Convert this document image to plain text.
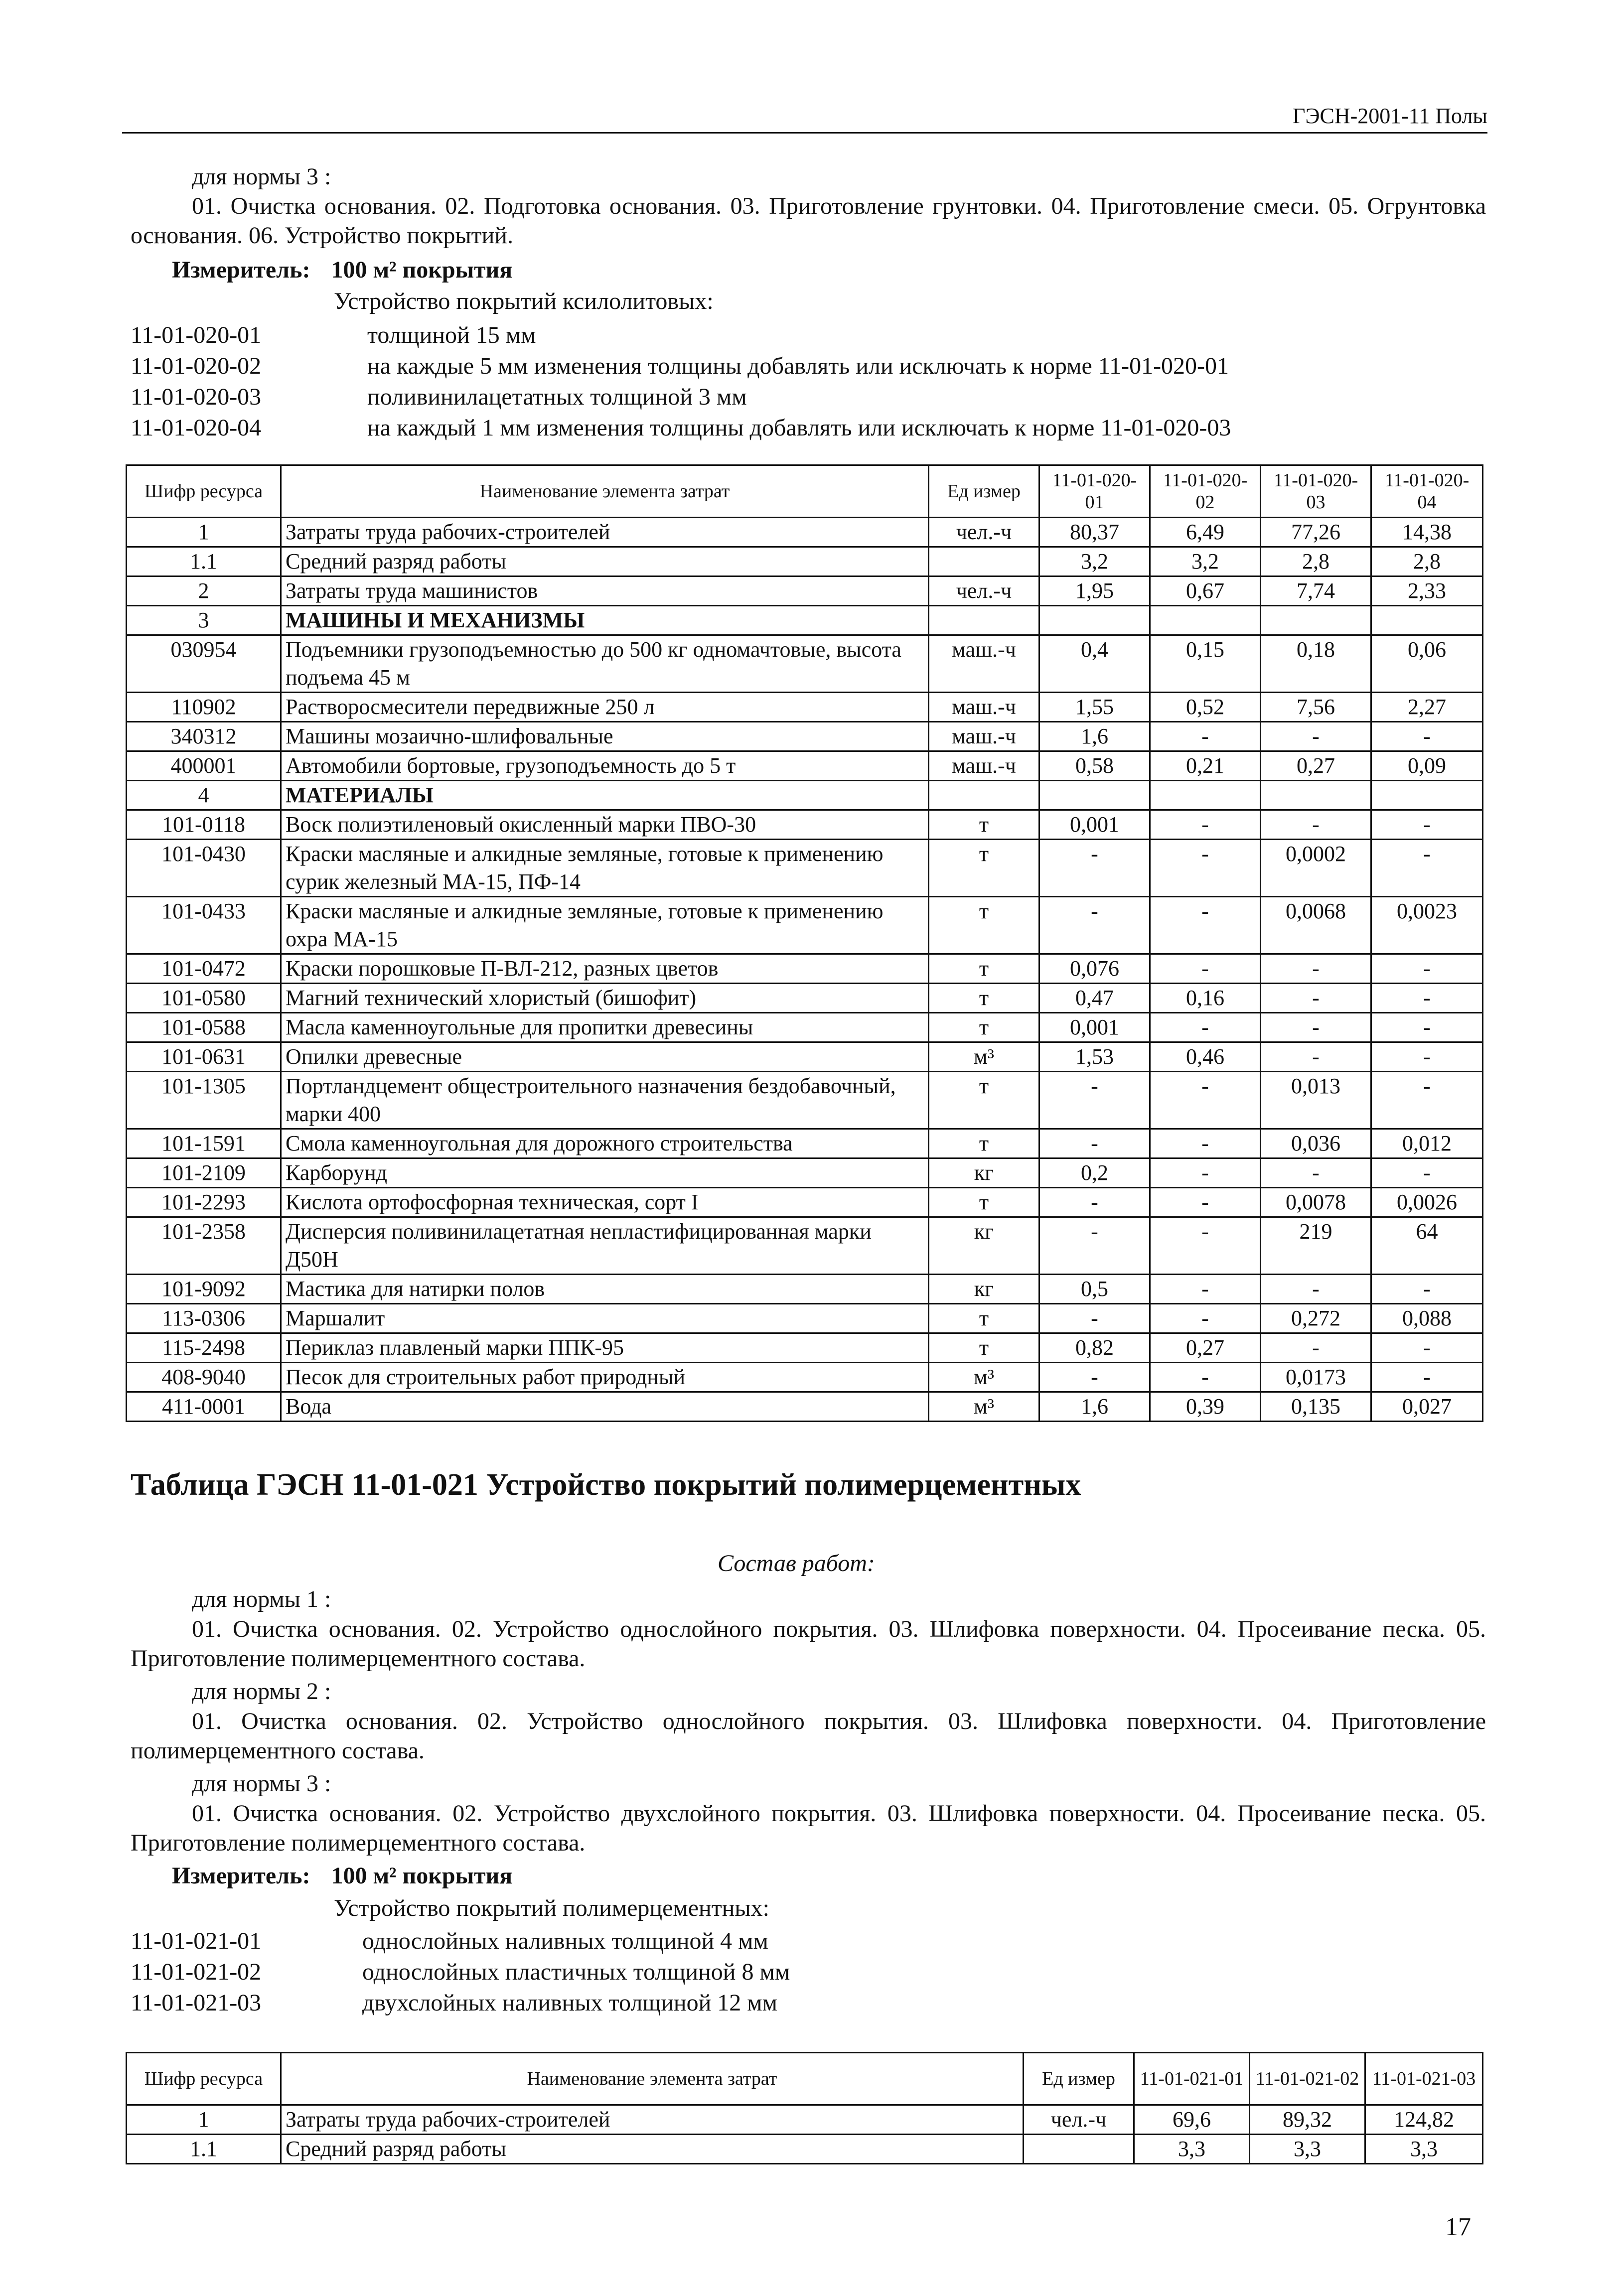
ГЭСН-2001-11 Полы
для нормы 3 :
01. Очистка основания. 02. Подготовка основания. 03. Приготовление грунтовки. 04. Приготовление смеси. 05. Огрунтовка основания. 06. Устройство покрытий.
Измеритель: 100 м² покрытия
Устройство покрытий ксилолитовых:
11-01-020-01	толщиной 15 мм
11-01-020-02	на каждые 5 мм изменения толщины добавлять или исключать к норме 11-01-020-01
11-01-020-03	поливинилацетатных толщиной 3 мм
11-01-020-04	на каждый 1 мм изменения толщины добавлять или исключать к норме 11-01-020-03
Шифр ресурса	Наименование элемента затрат	Ед измер	11-01-020-01	11-01-020-02	11-01-020-03	11-01-020-04
1	Затраты труда рабочих-строителей	чел.-ч	80,37	6,49	77,26	14,38
1.1	Средний разряд работы		3,2	3,2	2,8	2,8
2	Затраты труда машинистов	чел.-ч	1,95	0,67	7,74	2,33
3	МАШИНЫ И МЕХАНИЗМЫ					
030954	Подъемники грузоподъемностью до 500 кг одномачтовые, высота подъема 45 м	маш.-ч	0,4	0,15	0,18	0,06
110902	Растворосмесители передвижные 250 л	маш.-ч	1,55	0,52	7,56	2,27
340312	Машины мозаично-шлифовальные	маш.-ч	1,6	-	-	-
400001	Автомобили бортовые, грузоподъемность до 5 т	маш.-ч	0,58	0,21	0,27	0,09
4	МАТЕРИАЛЫ					
101-0118	Воск полиэтиленовый окисленный марки ПВО-30	т	0,001	-	-	-
101-0430	Краски масляные и алкидные земляные, готовые к применению сурик железный МА-15, ПФ-14	т	-	-	0,0002	-
101-0433	Краски масляные и алкидные земляные, готовые к применению охра МА-15	т	-	-	0,0068	0,0023
101-0472	Краски порошковые П-ВЛ-212, разных цветов	т	0,076	-	-	-
101-0580	Магний технический хлористый (бишофит)	т	0,47	0,16	-	-
101-0588	Масла каменноугольные для пропитки древесины	т	0,001	-	-	-
101-0631	Опилки древесные	м³	1,53	0,46	-	-
101-1305	Портландцемент общестроительного назначения бездобавочный, марки 400	т	-	-	0,013	-
101-1591	Смола каменноугольная для дорожного строительства	т	-	-	0,036	0,012
101-2109	Карборунд	кг	0,2	-	-	-
101-2293	Кислота ортофосфорная техническая, сорт I	т	-	-	0,0078	0,0026
101-2358	Дисперсия поливинилацетатная непластифицированная марки Д50Н	кг	-	-	219	64
101-9092	Мастика для натирки полов	кг	0,5	-	-	-
113-0306	Маршалит	т	-	-	0,272	0,088
115-2498	Периклаз плавленый марки ППК-95	т	0,82	0,27	-	-
408-9040	Песок для строительных работ природный	м³	-	-	0,0173	-
411-0001	Вода	м³	1,6	0,39	0,135	0,027
Таблица ГЭСН 11-01-021 Устройство покрытий полимерцементных
Состав работ:
для нормы 1 :
01. Очистка основания. 02. Устройство однослойного покрытия. 03. Шлифовка поверхности. 04. Просеивание песка. 05. Приготовление полимерцементного состава.
для нормы 2 :
01. Очистка основания. 02. Устройство однослойного покрытия. 03. Шлифовка поверхности. 04. Приготовление полимерцементного состава.
для нормы 3 :
01. Очистка основания. 02. Устройство двухслойного покрытия. 03. Шлифовка поверхности. 04. Просеивание песка. 05. Приготовление полимерцементного состава.
Измеритель: 100 м² покрытия
Устройство покрытий полимерцементных:
11-01-021-01	однослойных наливных толщиной 4 мм
11-01-021-02	однослойных пластичных толщиной 8 мм
11-01-021-03	двухслойных наливных толщиной 12 мм
Шифр ресурса	Наименование элемента затрат	Ед измер	11-01-021-01	11-01-021-02	11-01-021-03
1	Затраты труда рабочих-строителей	чел.-ч	69,6	89,32	124,82
1.1	Средний разряд работы		3,3	3,3	3,3
17
